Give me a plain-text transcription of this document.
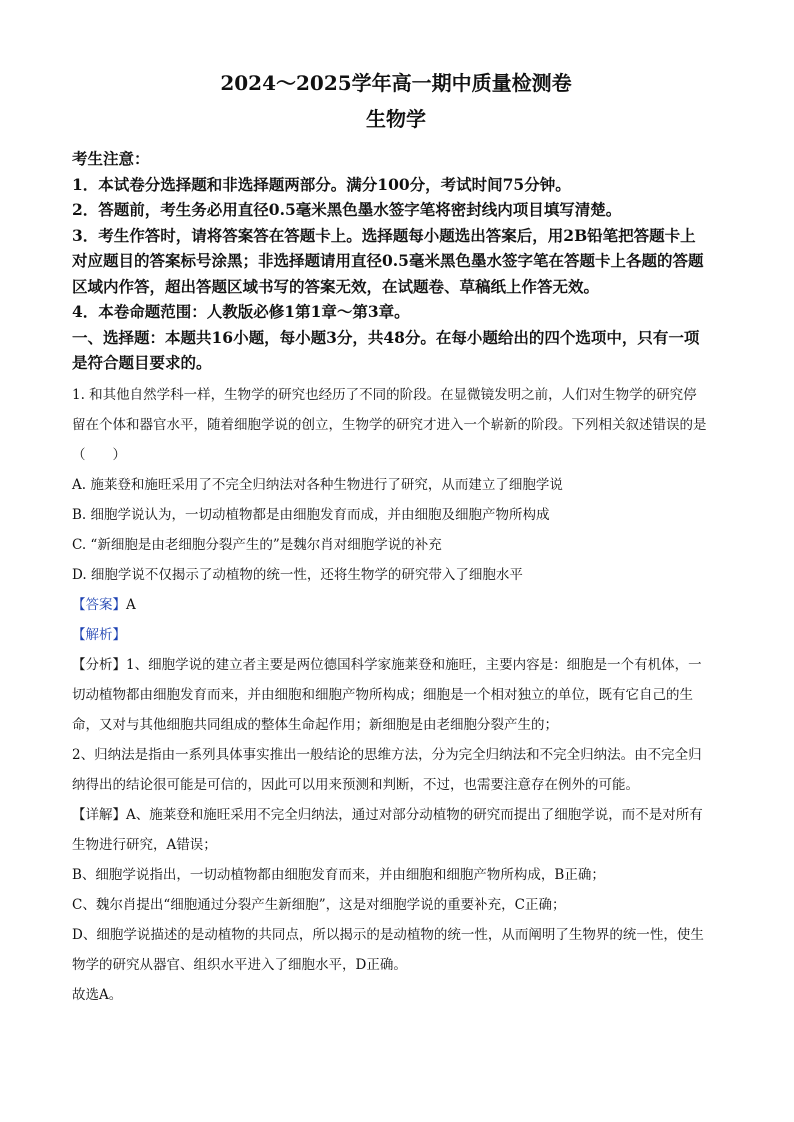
2024～2025学年高一期中质量检测卷
生物学

考生注意：

1．本试卷分选择题和非选择题两部分。满分100分，考试时间75分钟。

2．答题前，考生务必用直径0.5毫米黑色墨水签字笔将密封线内项目填写清楚。

3．考生作答时，请将答案答在答题卡上。选择题每小题选出答案后，用2B铅笔把答题卡上对应题目的答案标号涂黑；非选择题请用直径0.5毫米黑色墨水签字笔在答题卡上各题的答题区域内作答，超出答题区域书写的答案无效，在试题卷、草稿纸上作答无效。

4．本卷命题范围：人教版必修1第1章～第3章。

一、选择题：本题共16小题，每小题3分，共48分。在每小题给出的四个选项中，只有一项是符合题目要求的。

1. 和其他自然学科一样，生物学的研究也经历了不同的阶段。在显微镜发明之前，人们对生物学的研究停留在个体和器官水平，随着细胞学说的创立，生物学的研究才进入一个崭新的阶段。下列相关叙述错误的是（　　）

A. 施莱登和施旺采用了不完全归纳法对各种生物进行了研究，从而建立了细胞学说

B. 细胞学说认为，一切动植物都是由细胞发育而成，并由细胞及细胞产物所构成

C. “新细胞是由老细胞分裂产生的”是魏尔肖对细胞学说的补充

D. 细胞学说不仅揭示了动植物的统一性，还将生物学的研究带入了细胞水平

【答案】A

【解析】

【分析】1、细胞学说的建立者主要是两位德国科学家施莱登和施旺，主要内容是：细胞是一个有机体，一切动植物都由细胞发育而来，并由细胞和细胞产物所构成；细胞是一个相对独立的单位，既有它自己的生命，又对与其他细胞共同组成的整体生命起作用；新细胞是由老细胞分裂产生的；

2、归纳法是指由一系列具体事实推出一般结论的思维方法，分为完全归纳法和不完全归纳法。由不完全归纳得出的结论很可能是可信的，因此可以用来预测和判断，不过，也需要注意存在例外的可能。

【详解】A、施莱登和施旺采用不完全归纳法，通过对部分动植物的研究而提出了细胞学说，而不是对所有生物进行研究，A错误；

B、细胞学说指出，一切动植物都由细胞发育而来，并由细胞和细胞产物所构成，B正确；

C、魏尔肖提出“细胞通过分裂产生新细胞”，这是对细胞学说的重要补充，C正确；

D、细胞学说描述的是动植物的共同点，所以揭示的是动植物的统一性，从而阐明了生物界的统一性，使生物学的研究从器官、组织水平进入了细胞水平，D正确。

故选A。
